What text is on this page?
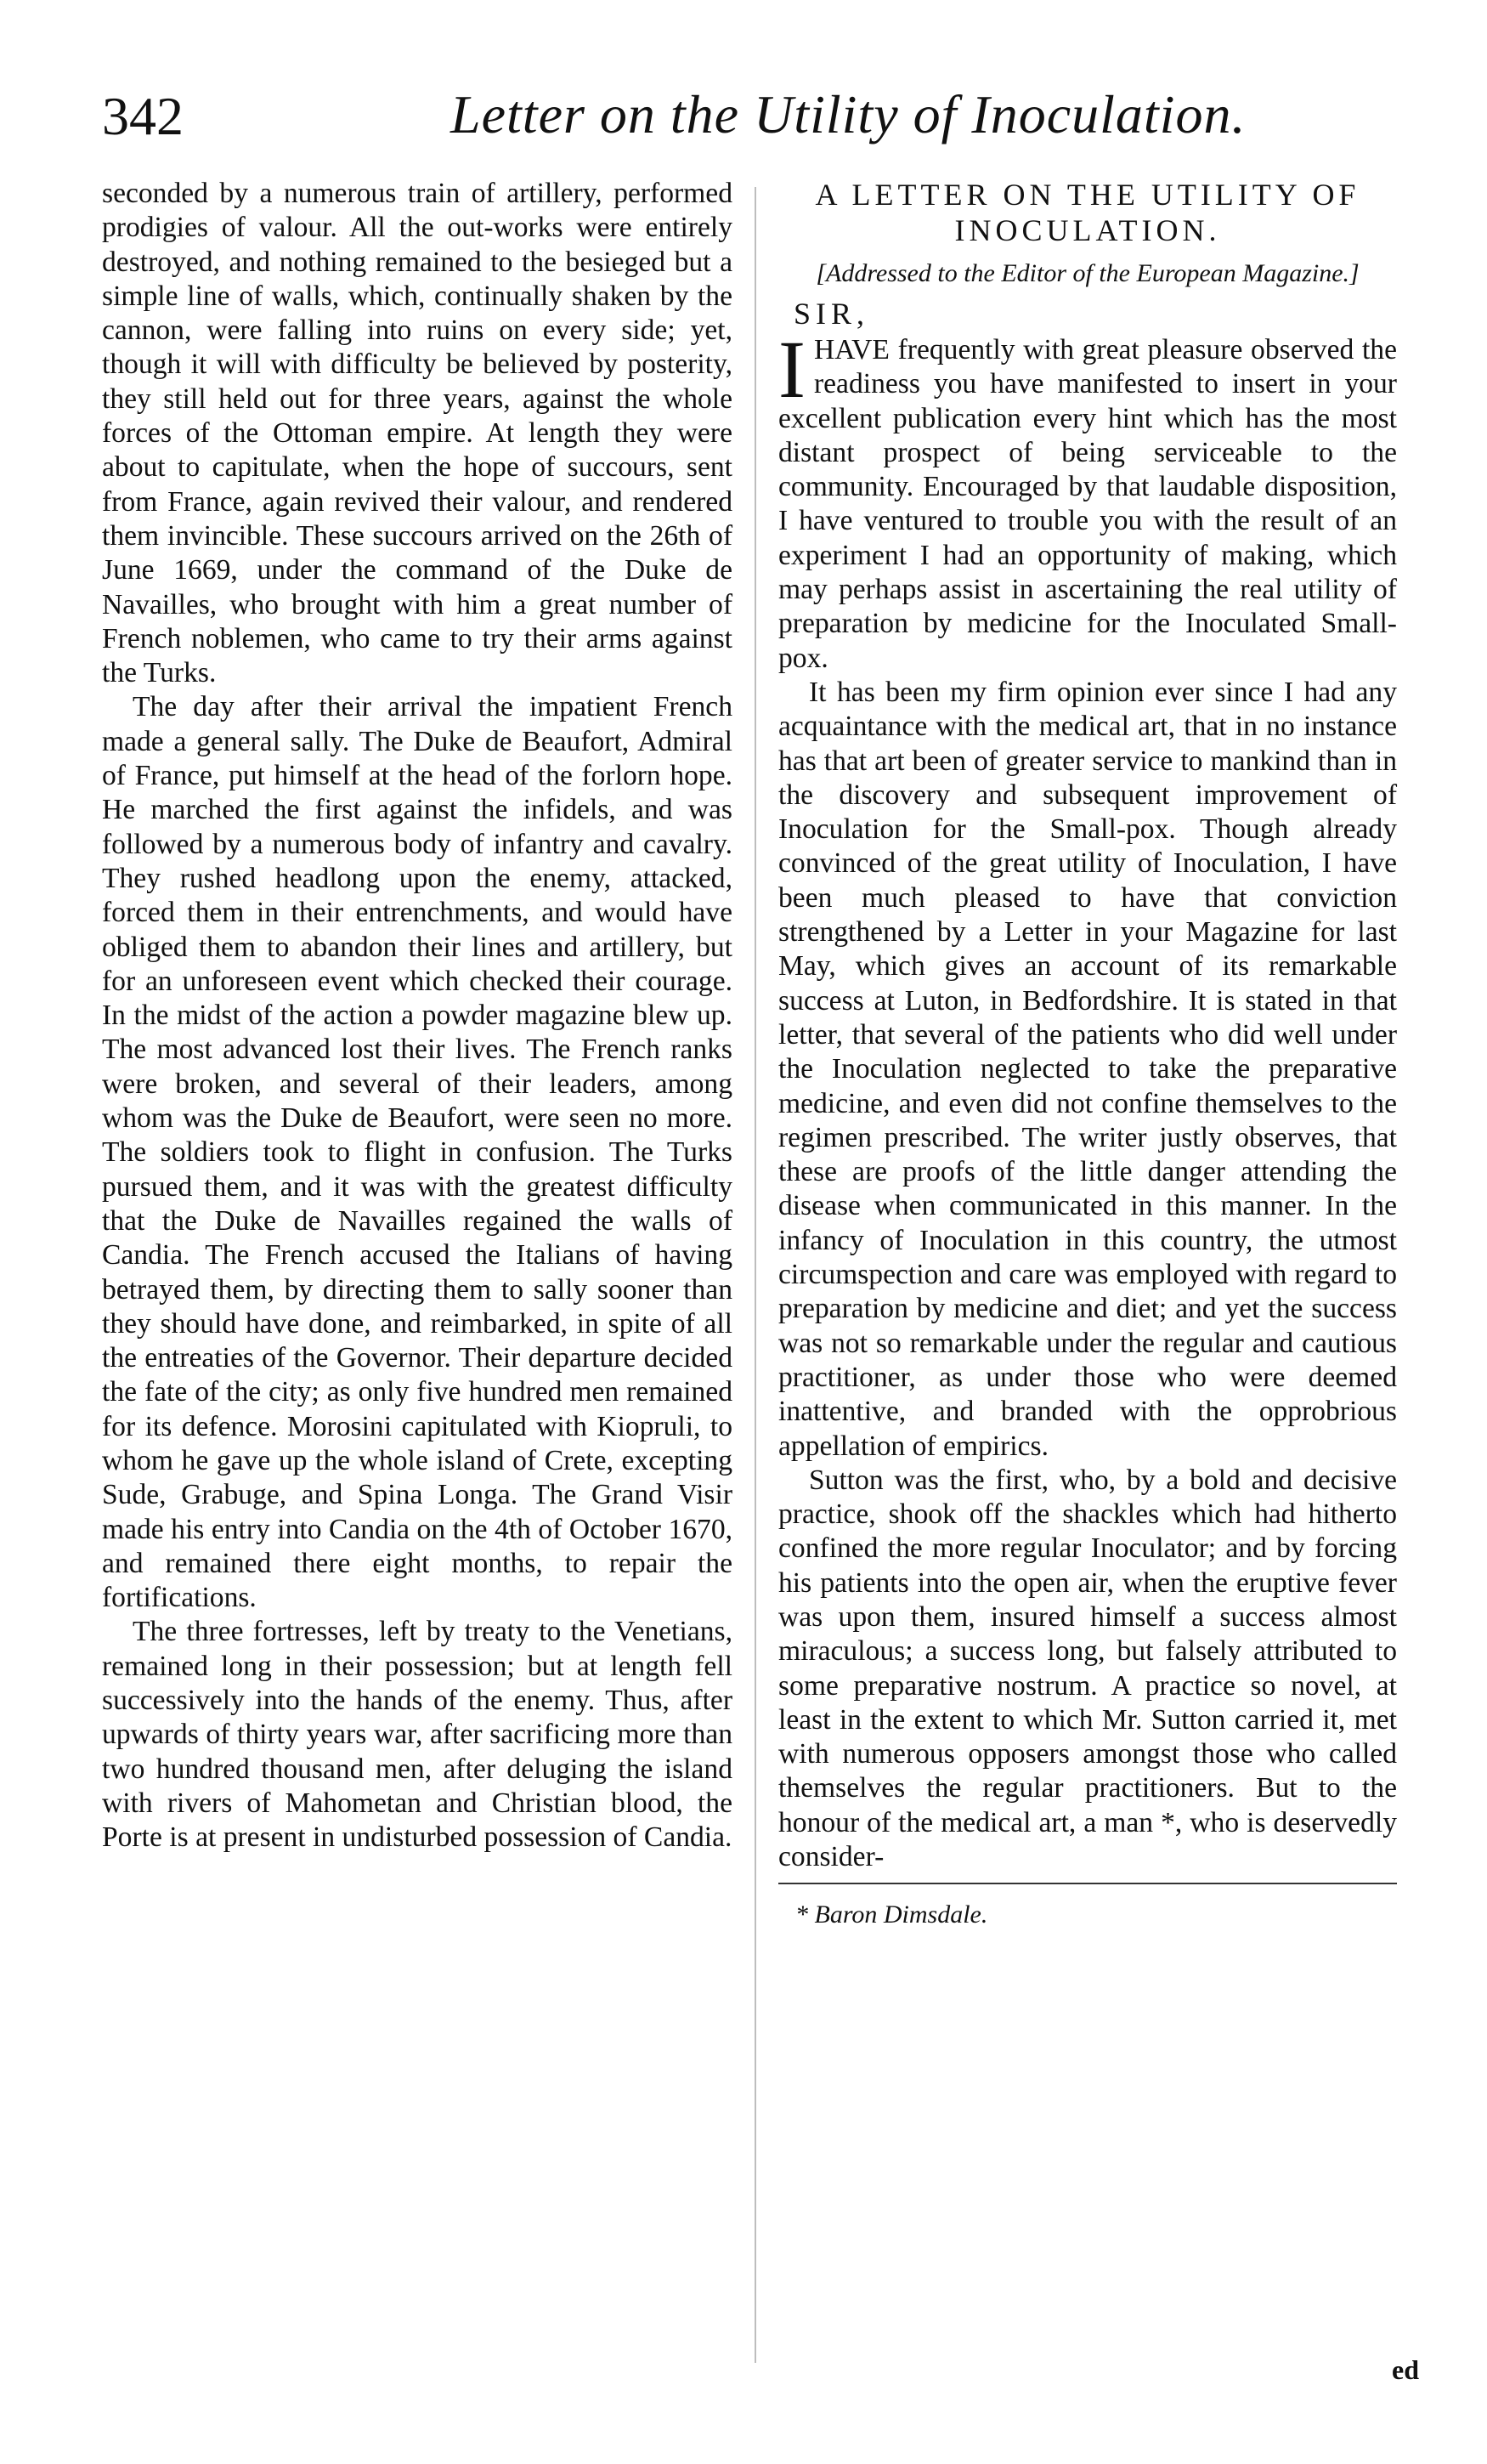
342	Letter on the Utility of Inoculation.

seconded by a numerous train of artillery, performed prodigies of valour. All the out-works were entirely destroyed, and nothing remained to the besieged but a simple line of walls, which, continually shaken by the cannon, were falling into ruins on every side; yet, though it will with difficulty be believed by posterity, they still held out for three years, against the whole forces of the Ottoman empire. At length they were about to capitulate, when the hope of succours, sent from France, again revived their valour, and rendered them invincible. These succours arrived on the 26th of June 1669, under the command of the Duke de Navailles, who brought with him a great number of French noblemen, who came to try their arms against the Turks.

The day after their arrival the impatient French made a general sally. The Duke de Beaufort, Admiral of France, put himself at the head of the forlorn hope. He marched the first against the infidels, and was followed by a numerous body of infantry and cavalry. They rushed headlong upon the enemy, attacked, forced them in their entrenchments, and would have obliged them to abandon their lines and artillery, but for an unforeseen event which checked their courage. In the midst of the action a powder magazine blew up. The most advanced lost their lives. The French ranks were broken, and several of their leaders, among whom was the Duke de Beaufort, were seen no more. The soldiers took to flight in confusion. The Turks pursued them, and it was with the greatest difficulty that the Duke de Navailles regained the walls of Candia. The French accused the Italians of having betrayed them, by directing them to sally sooner than they should have done, and reimbarked, in spite of all the entreaties of the Governor. Their departure decided the fate of the city; as only five hundred men remained for its defence. Morosini capitulated with Kiopruli, to whom he gave up the whole island of Crete, excepting Sude, Grabuge, and Spina Longa. The Grand Visir made his entry into Candia on the 4th of October 1670, and remained there eight months, to repair the fortifications.

The three fortresses, left by treaty to the Venetians, remained long in their possession; but at length fell successively into the hands of the enemy. Thus, after upwards of thirty years war, after sacrificing more than two hundred thousand men, after deluging the island with rivers of Mahometan and Christian blood, the Porte is at present in undisturbed possession of Candia.

A LETTER ON THE UTILITY OF
INOCULATION.
[Addressed to the Editor of the European Magazine.]
SIR,

I HAVE frequently with great pleasure observed the readiness you have manifested to insert in your excellent publication every hint which has the most distant prospect of being serviceable to the community. Encouraged by that laudable disposition, I have ventured to trouble you with the result of an experiment I had an opportunity of making, which may perhaps assist in ascertaining the real utility of preparation by medicine for the Inoculated Small-pox.

It has been my firm opinion ever since I had any acquaintance with the medical art, that in no instance has that art been of greater service to mankind than in the discovery and subsequent improvement of Inoculation for the Small-pox. Though already convinced of the great utility of Inoculation, I have been much pleased to have that conviction strengthened by a Letter in your Magazine for last May, which gives an account of its remarkable success at Luton, in Bedfordshire. It is stated in that letter, that several of the patients who did well under the Inoculation neglected to take the preparative medicine, and even did not confine themselves to the regimen prescribed. The writer justly observes, that these are proofs of the little danger attending the disease when communicated in this manner. In the infancy of Inoculation in this country, the utmost circumspection and care was employed with regard to preparation by medicine and diet; and yet the success was not so remarkable under the regular and cautious practitioner, as under those who were deemed inattentive, and branded with the opprobrious appellation of empirics.

Sutton was the first, who, by a bold and decisive practice, shook off the shackles which had hitherto confined the more regular Inoculator; and by forcing his patients into the open air, when the eruptive fever was upon them, insured himself a success almost miraculous; a success long, but falsely attributed to some preparative nostrum. A practice so novel, at least in the extent to which Mr. Sutton carried it, met with numerous opposers amongst those who called themselves the regular practitioners. But to the honour of the medical art, a man *, who is deservedly consider-

* Baron Dimsdale.
ed
